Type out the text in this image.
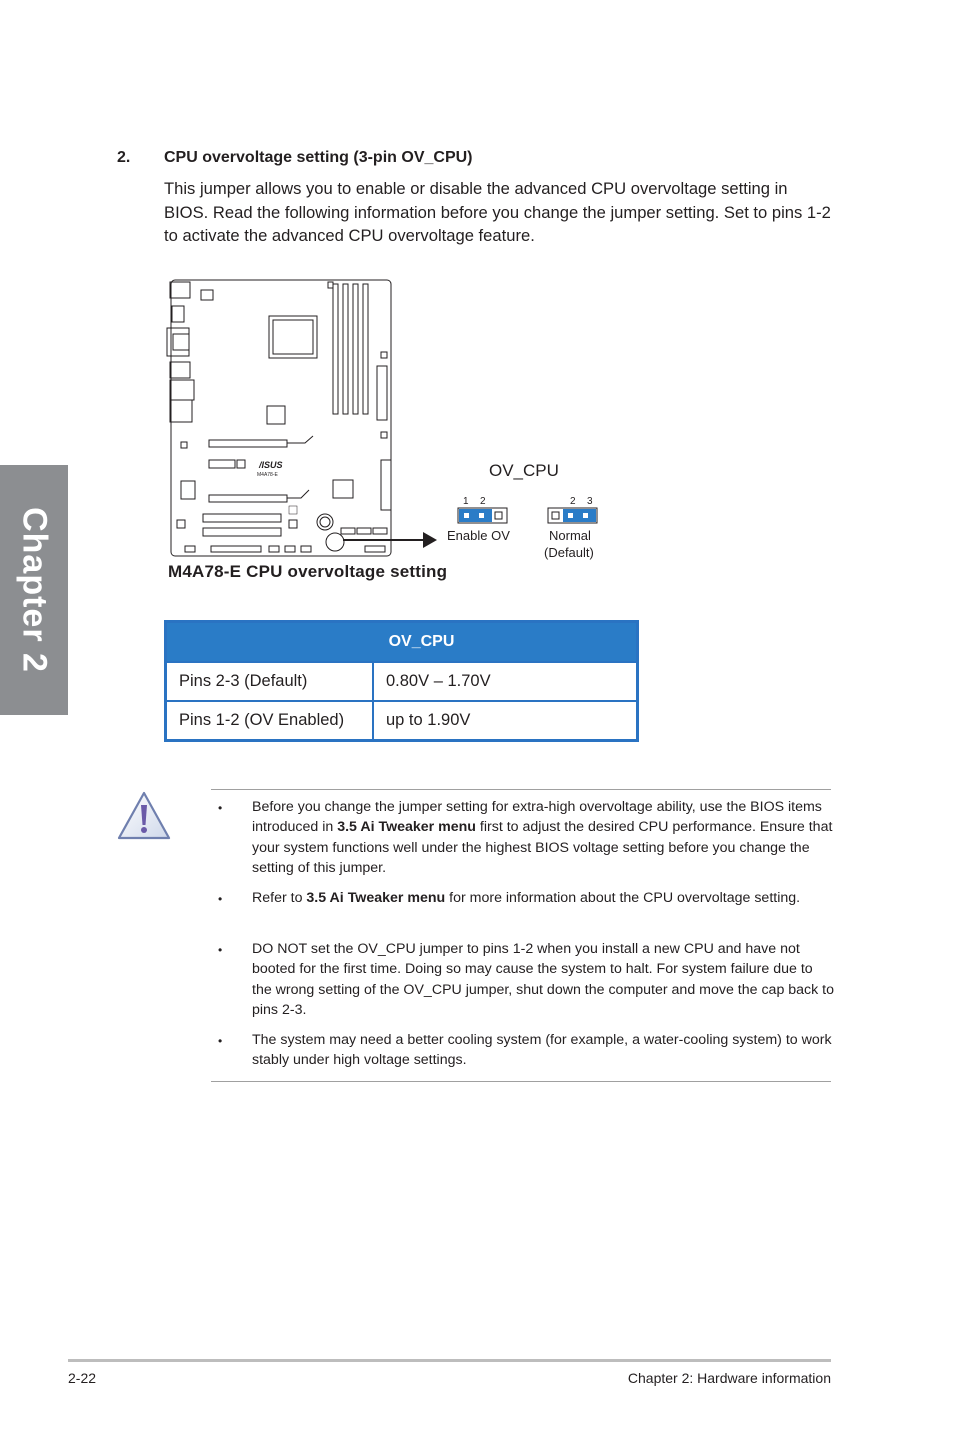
Chapter 2
2. CPU overvoltage setting (3-pin OV_CPU)
This jumper allows you to enable or disable the advanced CPU overvoltage setting in BIOS. Read the following information before you change the jumper setting. Set to pins 1-2 to activate the advanced CPU overvoltage feature.
/ISUS
M4A78-E	OV_CPU
1 2	2 3
Enable OV	Normal
(Default)
M4A78-E CPU overvoltage setting
OV_CPU	
Pins 2-3 (Default)	0.80V – 1.70V
Pins 1-2 (OV Enabled)	up to 1.90V
• Before you change the jumper setting for extra-high overvoltage ability, use the BIOS items introduced in 3.5 Ai Tweaker menu first to adjust the desired CPU performance. Ensure that your system functions well under the highest BIOS voltage setting before you change the setting of this jumper.
• Refer to 3.5 Ai Tweaker menu for more information about the CPU overvoltage setting.
• DO NOT set the OV_CPU jumper to pins 1-2 when you install a new CPU and have not booted for the first time. Doing so may cause the system to halt. For system failure due to the wrong setting of the OV_CPU jumper, shut down the computer and move the cap back to pins 2-3.
• The system may need a better cooling system (for example, a water-cooling system) to work stably under high voltage settings.
2-22	Chapter 2: Hardware information
